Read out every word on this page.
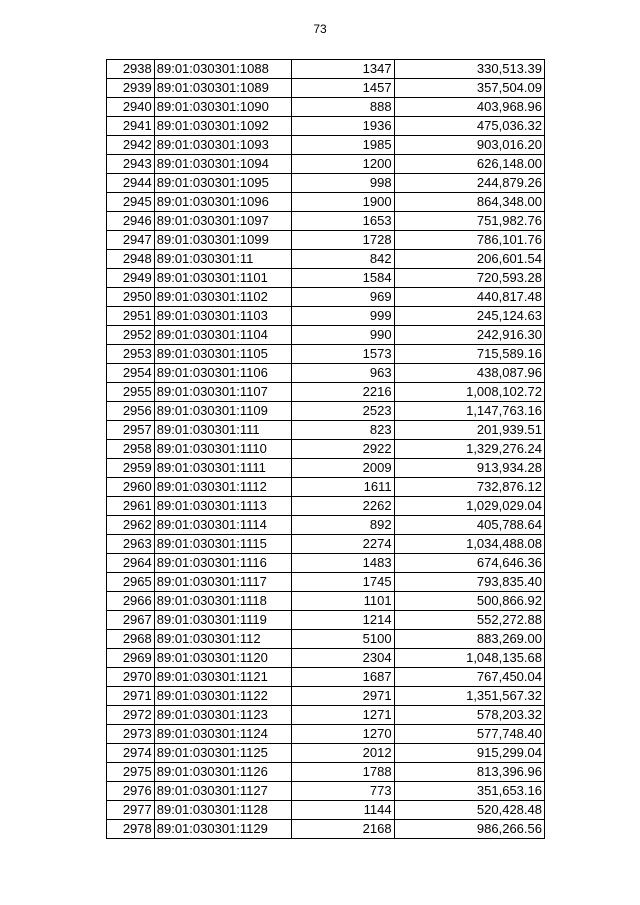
73
2938	89:01:030301:1088	1347	330,513.39
2939	89:01:030301:1089	1457	357,504.09
2940	89:01:030301:1090	888	403,968.96
2941	89:01:030301:1092	1936	475,036.32
2942	89:01:030301:1093	1985	903,016.20
2943	89:01:030301:1094	1200	626,148.00
2944	89:01:030301:1095	998	244,879.26
2945	89:01:030301:1096	1900	864,348.00
2946	89:01:030301:1097	1653	751,982.76
2947	89:01:030301:1099	1728	786,101.76
2948	89:01:030301:11	842	206,601.54
2949	89:01:030301:1101	1584	720,593.28
2950	89:01:030301:1102	969	440,817.48
2951	89:01:030301:1103	999	245,124.63
2952	89:01:030301:1104	990	242,916.30
2953	89:01:030301:1105	1573	715,589.16
2954	89:01:030301:1106	963	438,087.96
2955	89:01:030301:1107	2216	1,008,102.72
2956	89:01:030301:1109	2523	1,147,763.16
2957	89:01:030301:111	823	201,939.51
2958	89:01:030301:1110	2922	1,329,276.24
2959	89:01:030301:1111	2009	913,934.28
2960	89:01:030301:1112	1611	732,876.12
2961	89:01:030301:1113	2262	1,029,029.04
2962	89:01:030301:1114	892	405,788.64
2963	89:01:030301:1115	2274	1,034,488.08
2964	89:01:030301:1116	1483	674,646.36
2965	89:01:030301:1117	1745	793,835.40
2966	89:01:030301:1118	1101	500,866.92
2967	89:01:030301:1119	1214	552,272.88
2968	89:01:030301:112	5100	883,269.00
2969	89:01:030301:1120	2304	1,048,135.68
2970	89:01:030301:1121	1687	767,450.04
2971	89:01:030301:1122	2971	1,351,567.32
2972	89:01:030301:1123	1271	578,203.32
2973	89:01:030301:1124	1270	577,748.40
2974	89:01:030301:1125	2012	915,299.04
2975	89:01:030301:1126	1788	813,396.96
2976	89:01:030301:1127	773	351,653.16
2977	89:01:030301:1128	1144	520,428.48
2978	89:01:030301:1129	2168	986,266.56
